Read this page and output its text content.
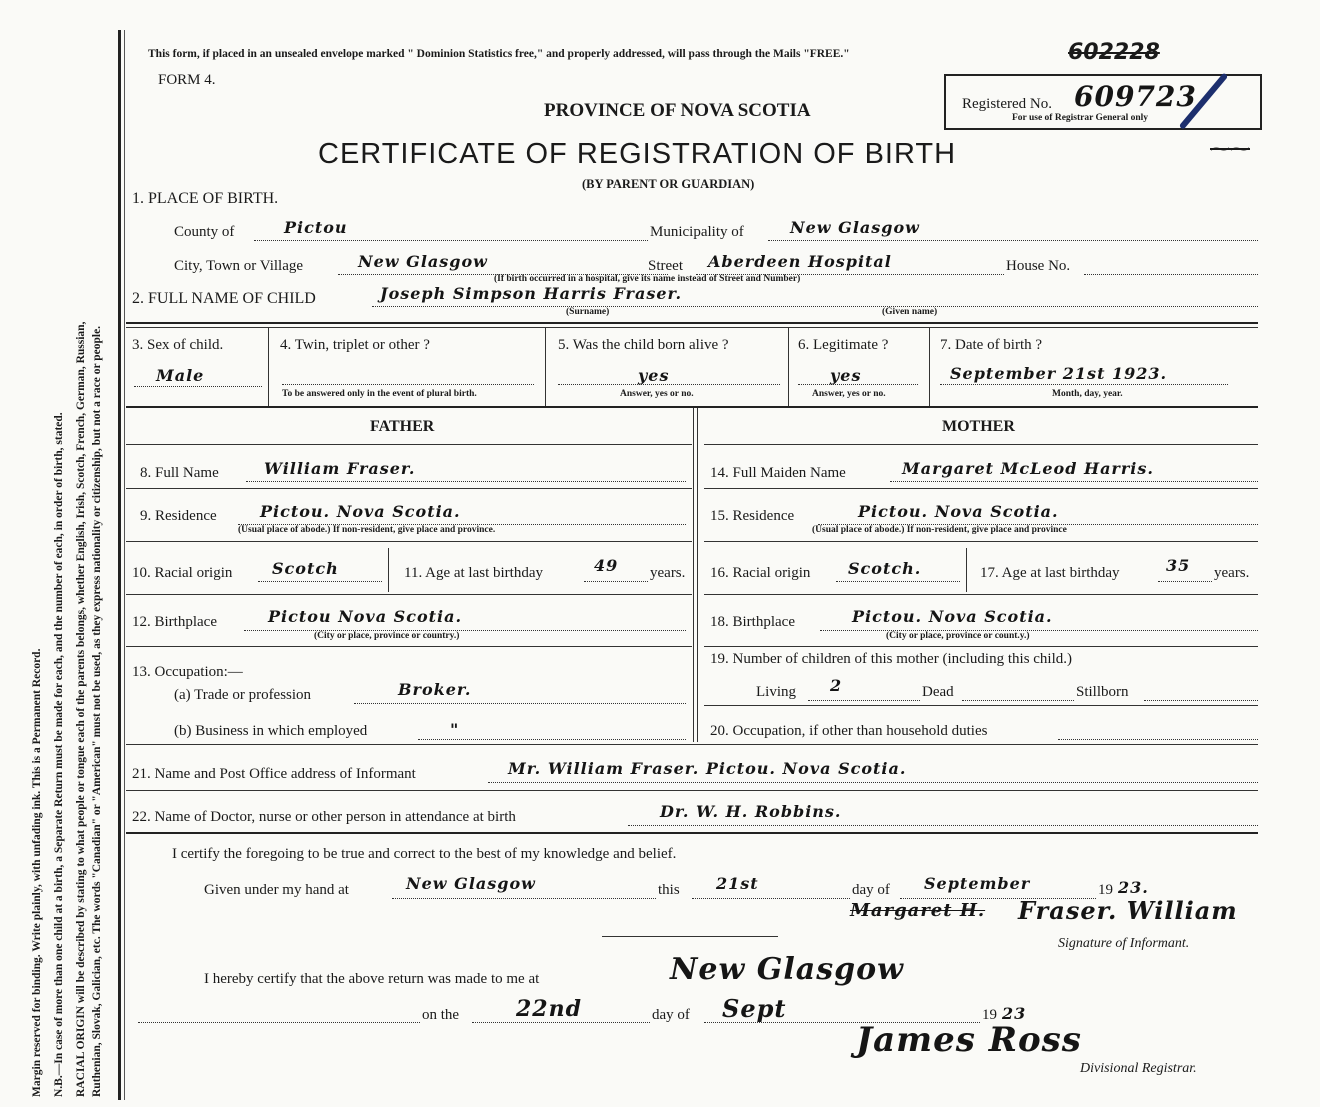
Margin reserved for binding. Write plainly, with unfading ink. This is a Permanent Record. N.B.—In case of more than one child at a birth, a Separate Return must be made for each, and the number of each, in order of birth, stated. RACIAL ORIGIN will be described by stating to what people or tongue each of the parents belongs, whether English, Irish, Scotch, French, German, Russian, Ruthenian, Slovak, Galician, etc. The words "Canadian" or "American" must not be used, as they express nationality or citizenship, but not a race or people.
This form, if placed in an unsealed envelope marked " Dominion Statistics free," and properly addressed, will pass through the Mails "FREE."	602228
FORM 4.
PROVINCE OF NOVA SCOTIA
CERTIFICATE OF REGISTRATION OF BIRTH
(BY PARENT OR GUARDIAN)
Registered No. 609723
For use of Registrar General only
⁓⁓
1. PLACE OF BIRTH.
County of	Pictou	Municipality of	New Glasgow
City, Town or Village	New Glasgow	Street Aberdeen Hospital	House No.
(If birth occurred in a hospital, give its name instead of Street and Number)
2. FULL NAME OF CHILD	Joseph Simpson Harris Fraser.
(Surname)	(Given name)
3. Sex of child.
Male
4. Twin, triplet or other ?
To be answered only in the event of plural birth.
5. Was the child born alive ?
yes
Answer, yes or no.
6. Legitimate ?
yes
Answer, yes or no.
7. Date of birth ?
September 21st 1923.
Month, day, year.
FATHER	MOTHER
8. Full Name	William Fraser.	14. Full Maiden Name	Margaret McLeod Harris.
9. Residence	Pictou. Nova Scotia.
(Usual place of abode.) If non-resident, give place and province.
15. Residence	Pictou. Nova Scotia.
(Usual place of abode.) If non-resident, give place and province
10. Racial origin Scotch	11. Age at last birthday	49 years. 16. Racial origin Scotch.	17. Age at last birthday	35 years.
12. Birthplace	Pictou Nova Scotia.
(City or place, province or country.)
18. Birthplace	Pictou. Nova Scotia.
(City or place, province or count.y.)
13. Occupation:—
(a) Trade or profession	Broker.
(b) Business in which employed	"
19. Number of children of this mother (including this child.)
Living 2	Dead	Stillborn
20. Occupation, if other than household duties
21. Name and Post Office address of Informant	Mr. William Fraser. Pictou. Nova Scotia.
22. Name of Doctor, nurse or other person in attendance at birth	Dr. W. H. Robbins.
I certify the foregoing to be true and correct to the best of my knowledge and belief.
Given under my hand at	New Glasgow	this 21st	day of September	19 23.
Margaret H. Fraser. William
Signature of Informant.
I hereby certify that the above return was made to me at	New Glasgow
on the	22nd	day of Sept	19 23
James Ross
Divisional Registrar.
